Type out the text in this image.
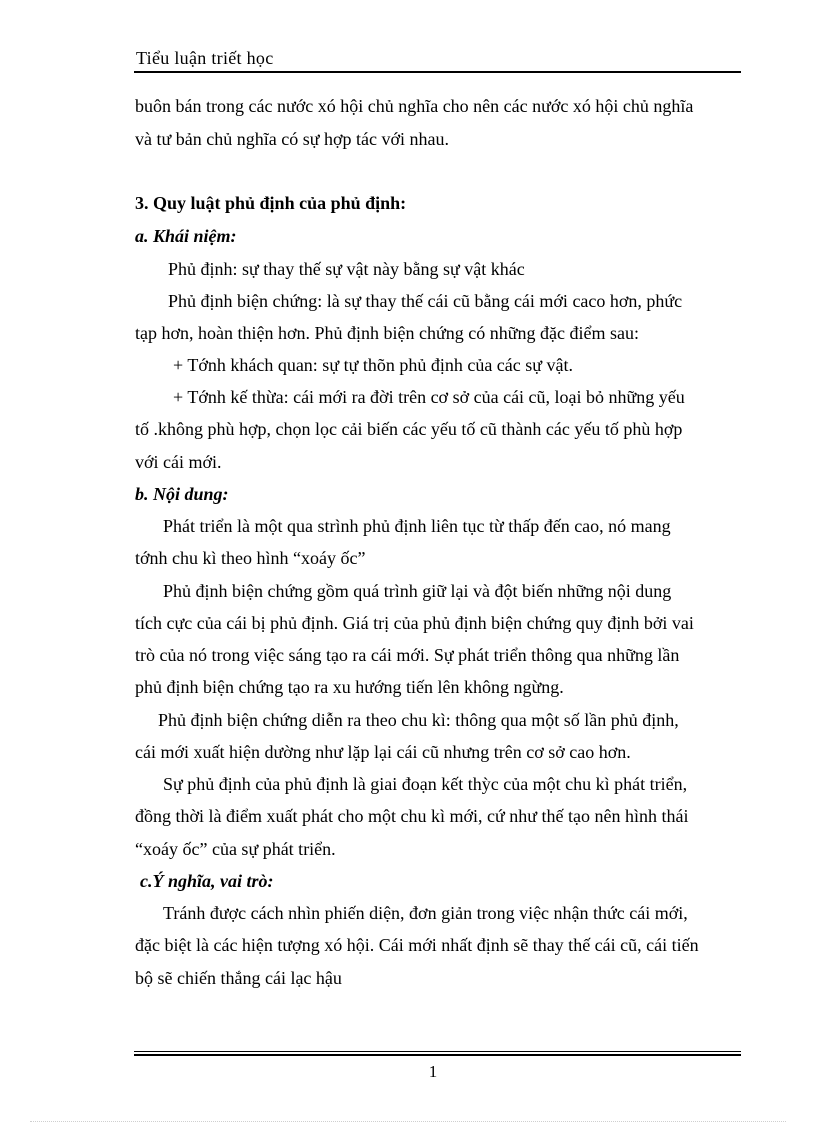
Tiểu luận triết học
buôn bán trong các nước xó hội chủ nghĩa cho nên các nước xó hội chủ nghĩa
và tư bản chủ nghĩa có sự hợp tác với nhau.
3. Quy luật phủ định của phủ định:
a. Khái niệm:
Phủ định: sự thay thế sự vật này bằng sự vật khác
Phủ định biện chứng: là sự thay thế cái cũ bằng cái mới caco hơn, phức
tạp hơn, hoàn thiện hơn. Phủ định biện chứng có những đặc điểm sau:
+ Tớnh khách quan: sự tự thõn phủ định của các sự vật.
+ Tớnh kế thừa: cái mới ra đời trên cơ sở của cái cũ, loại bỏ những yếu
tố .không phù hợp, chọn lọc cải biến các yếu tố cũ thành các yếu tố phù hợp
với cái mới.
b. Nội dung:
Phát triển là một qua strình phủ định liên tục từ thấp đến cao, nó mang
tớnh chu kì theo hình “xoáy ốc”
Phủ định biện chứng gồm quá trình giữ lại và đột biến những nội dung
tích cực của cái bị phủ định. Giá trị của phủ định biện chứng quy định bởi vai
trò của nó trong việc sáng tạo ra cái mới. Sự phát triển thông qua những lần
phủ định biện chứng tạo ra xu hướng tiến lên không ngừng.
Phủ định biện chứng diễn ra theo chu kì: thông qua một số lần phủ định,
cái mới xuất hiện dường như lặp lại cái cũ nhưng trên cơ sở cao hơn.
Sự phủ định của phủ định là giai đoạn kết thỳc của một chu kì phát triển,
đồng thời là điểm xuất phát cho một chu kì mới, cứ như thế tạo nên hình thái
“xoáy ốc” của sự phát triển.
c.Ý nghĩa, vai trò:
Tránh được cách nhìn phiến diện, đơn giản trong việc nhận thức cái mới,
đặc biệt là các hiện tượng xó hội. Cái mới nhất định sẽ thay thế cái cũ, cái tiến
bộ sẽ chiến thắng cái lạc hậu
1
